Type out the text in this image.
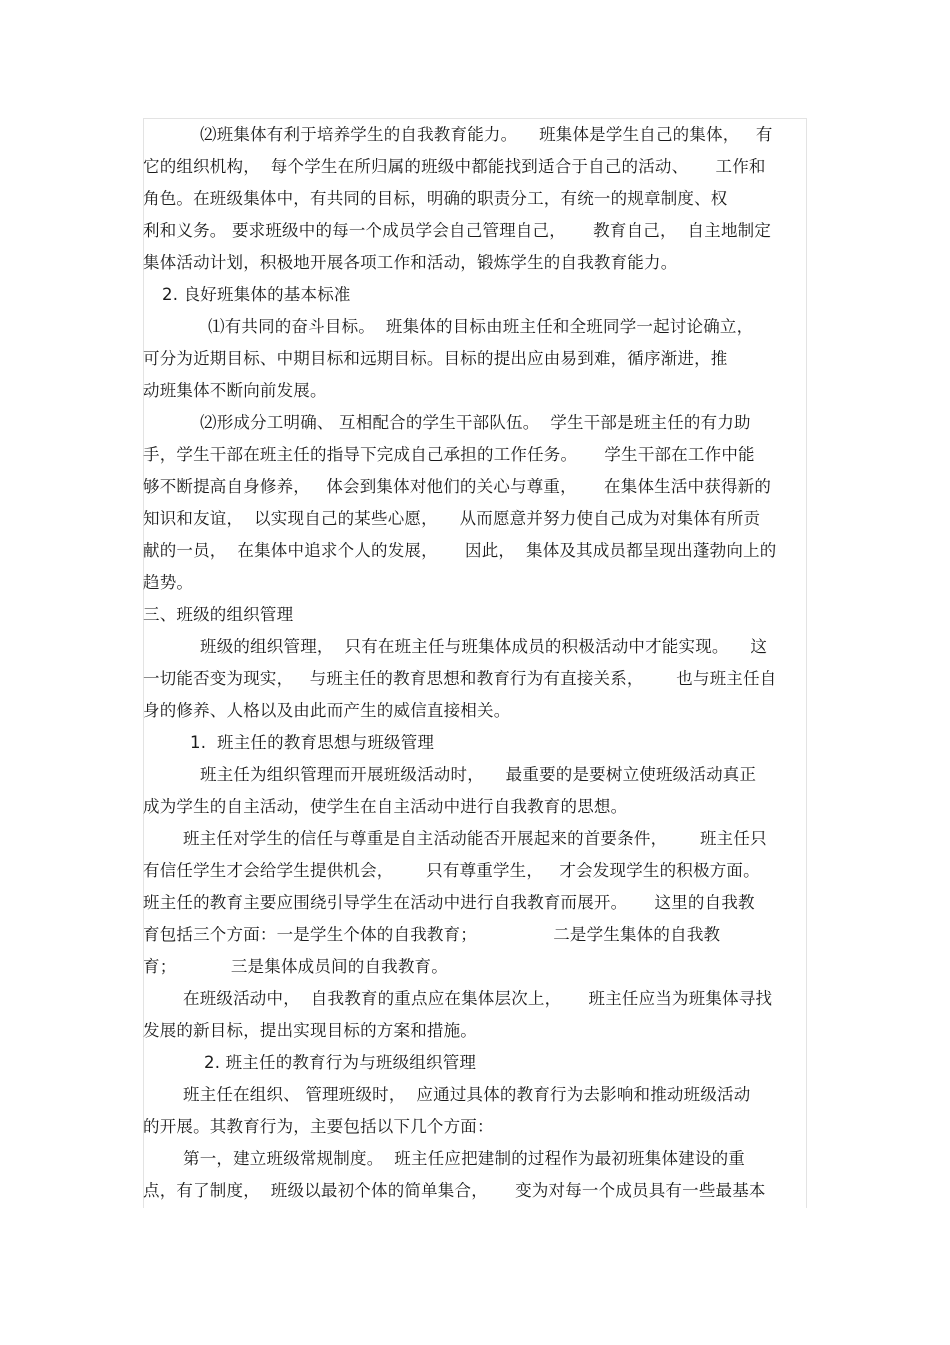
⑵班集体有利于培养学生的自我教育能力。    班集体是学生自己的集体，   有
它的组织机构，  每个学生在所归属的班级中都能找到适合于自己的活动、     工作和
角色。在班级集体中，有共同的目标，明确的职责分工，有统一的规章制度、权
利和义务。 要求班级中的每一个成员学会自己管理自己，     教育自己，  自主地制定
集体活动计划，积极地开展各项工作和活动，锻炼学生的自我教育能力。
2. 良好班集体的基本标准
⑴有共同的奋斗目标。  班集体的目标由班主任和全班同学一起讨论确立，
可分为近期目标、中期目标和远期目标。目标的提出应由易到难，循序渐进，推
动班集体不断向前发展。
⑵形成分工明确、 互相配合的学生干部队伍。  学生干部是班主任的有力助
手，学生干部在班主任的指导下完成自己承担的工作任务。     学生干部在工作中能
够不断提高自身修养，   体会到集体对他们的关心与尊重，     在集体生活中获得新的
知识和友谊，  以实现自己的某些心愿，    从而愿意并努力使自己成为对集体有所贡
献的一员，  在集体中追求个人的发展，     因此，  集体及其成员都呈现出蓬勃向上的
趋势。
三、班级的组织管理
班级的组织管理，  只有在班主任与班集体成员的积极活动中才能实现。    这
一切能否变为现实，   与班主任的教育思想和教育行为有直接关系，      也与班主任自
身的修养、人格以及由此而产生的威信直接相关。
1.  班主任的教育思想与班级管理
班主任为组织管理而开展班级活动时，    最重要的是要树立使班级活动真正
成为学生的自主活动，使学生在自主活动中进行自我教育的思想。
班主任对学生的信任与尊重是自主活动能否开展起来的首要条件，      班主任只
有信任学生才会给学生提供机会，      只有尊重学生，   才会发现学生的积极方面。
班主任的教育主要应围绕引导学生在活动中进行自我教育而展开。     这里的自我教
育包括三个方面：一是学生个体的自我教育；              二是学生集体的自我教
育；          三是集体成员间的自我教育。
在班级活动中，  自我教育的重点应在集体层次上，     班主任应当为班集体寻找
发展的新目标，提出实现目标的方案和措施。
2. 班主任的教育行为与班级组织管理
班主任在组织、 管理班级时，  应通过具体的教育行为去影响和推动班级活动
的开展。其教育行为，主要包括以下几个方面：
第一，建立班级常规制度。  班主任应把建制的过程作为最初班集体建设的重
点，有了制度，  班级以最初个体的简单集合，     变为对每一个成员具有一些最基本
